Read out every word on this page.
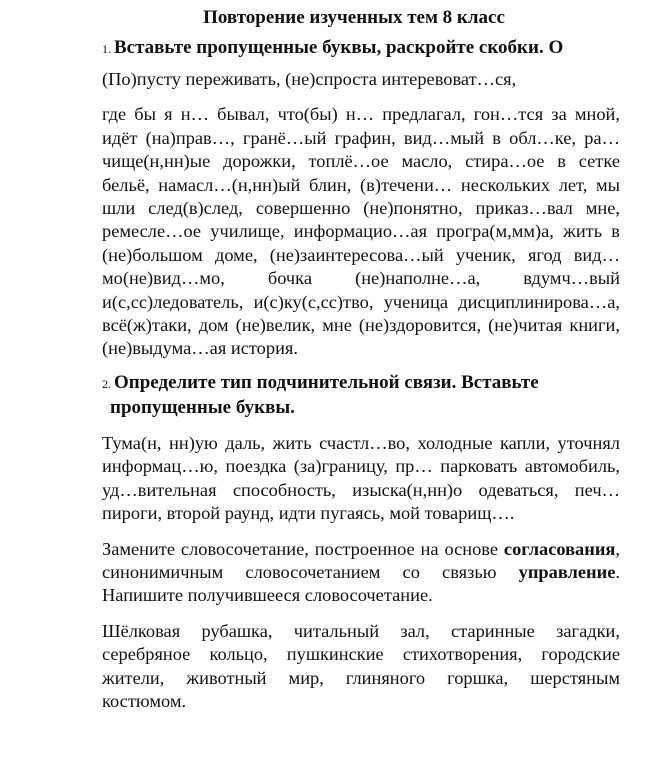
Повторение изученных тем 8 класс
1. Вставьте пропущенные буквы, раскройте скобки. О

(По)пусту переживать, (не)спроста интеревоват…ся,

где бы я н… бывал, что(бы) н… предлагал, гон…тся за мной, идёт (на)прав…, гранё…ый графин, вид…мый в обл…ке, ра…чище(н,нн)ые дорожки, топлё…ое масло, стира…ое в сетке бельё, намасл…(н,нн)ый блин, (в)течени… нескольких лет, мы шли след(в)след, совершенно (не)понятно, приказ…вал мне, ремесле…ое училище, информацио…ая програ(м,мм)а, жить в (не)большом доме, (не)заинтересова…ый ученик, ягод вид…мо(не)вид…мо, бочка (не)наполне…а, вдумч…вый и(с,сс)ледователь, и(с)ку(с,сс)тво, ученица дисциплинирова…а, всё(ж)таки, дом (не)велик, мне (не)здоровится, (не)читая книги, (не)выдума…ая история.

2. Определите тип подчинительной связи. Вставьте
пропущенные буквы.

Тума(н, нн)ую даль, жить счастл…во, холодные капли, уточнял информац…ю, поездка (за)границу, пр… парковать автомобиль, уд…вительная способность, изыска(н,нн)о одеваться, печ… пироги, второй раунд, идти пугаясь, мой товарищ….

Замените словосочетание, построенное на основе согласования, синонимичным словосочетанием со связью управление. Напишите получившееся словосочетание.

Шёлковая рубашка, читальный зал, старинные загадки, серебряное кольцо, пушкинские стихотворения, городские жители, животный мир, глиняного горшка, шерстяным костюмом.
